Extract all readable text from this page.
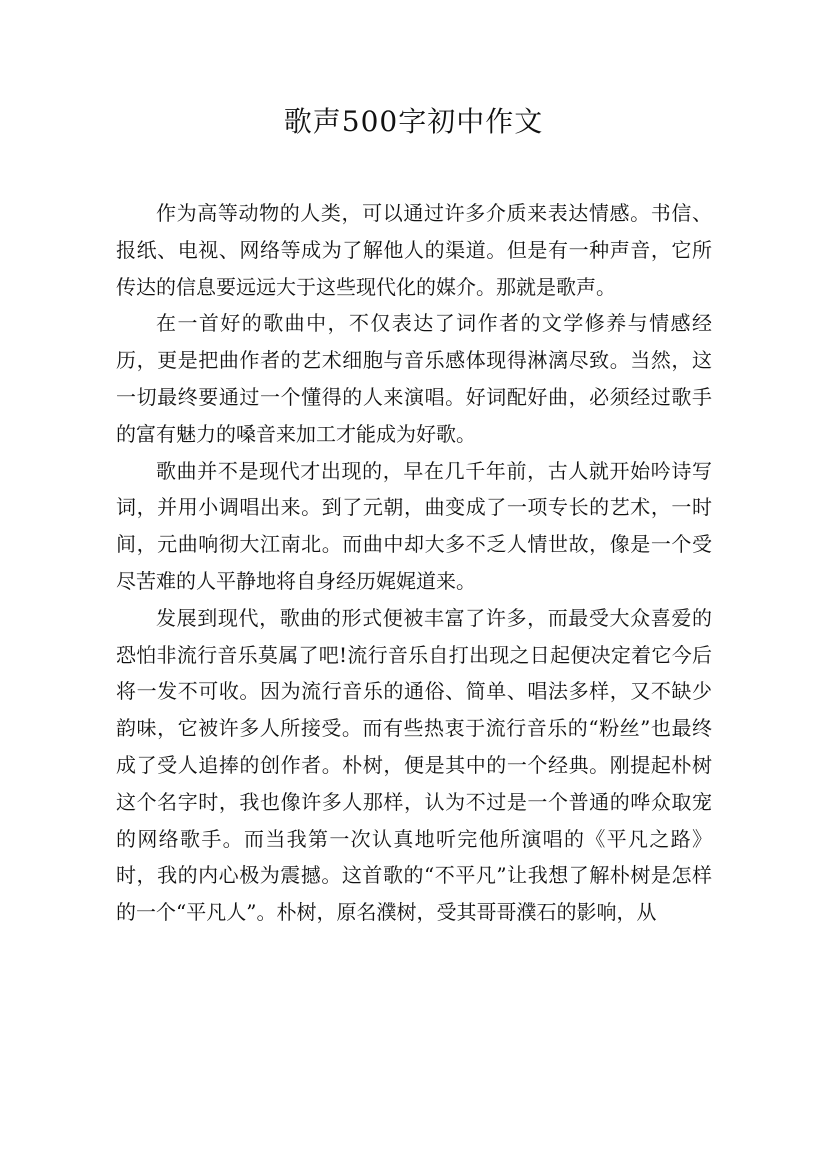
歌声500字初中作文

作为高等动物的人类，可以通过许多介质来表达情感。书信、报纸、电视、网络等成为了解他人的渠道。但是有一种声音，它所传达的信息要远远大于这些现代化的媒介。那就是歌声。

在一首好的歌曲中，不仅表达了词作者的文学修养与情感经历，更是把曲作者的艺术细胞与音乐感体现得淋漓尽致。当然，这一切最终要通过一个懂得的人来演唱。好词配好曲，必须经过歌手的富有魅力的嗓音来加工才能成为好歌。

歌曲并不是现代才出现的，早在几千年前，古人就开始吟诗写词，并用小调唱出来。到了元朝，曲变成了一项专长的艺术，一时间，元曲响彻大江南北。而曲中却大多不乏人情世故，像是一个受尽苦难的人平静地将自身经历娓娓道来。

发展到现代，歌曲的形式便被丰富了许多，而最受大众喜爱的恐怕非流行音乐莫属了吧!流行音乐自打出现之日起便决定着它今后将一发不可收。因为流行音乐的通俗、简单、唱法多样，又不缺少韵味，它被许多人所接受。而有些热衷于流行音乐的“粉丝”也最终成了受人追捧的创作者。朴树，便是其中的一个经典。刚提起朴树这个名字时，我也像许多人那样，认为不过是一个普通的哗众取宠的网络歌手。而当我第一次认真地听完他所演唱的《平凡之路》时，我的内心极为震撼。这首歌的“不平凡”让我想了解朴树是怎样的一个“平凡人”。朴树，原名濮树，受其哥哥濮石的影响，从
